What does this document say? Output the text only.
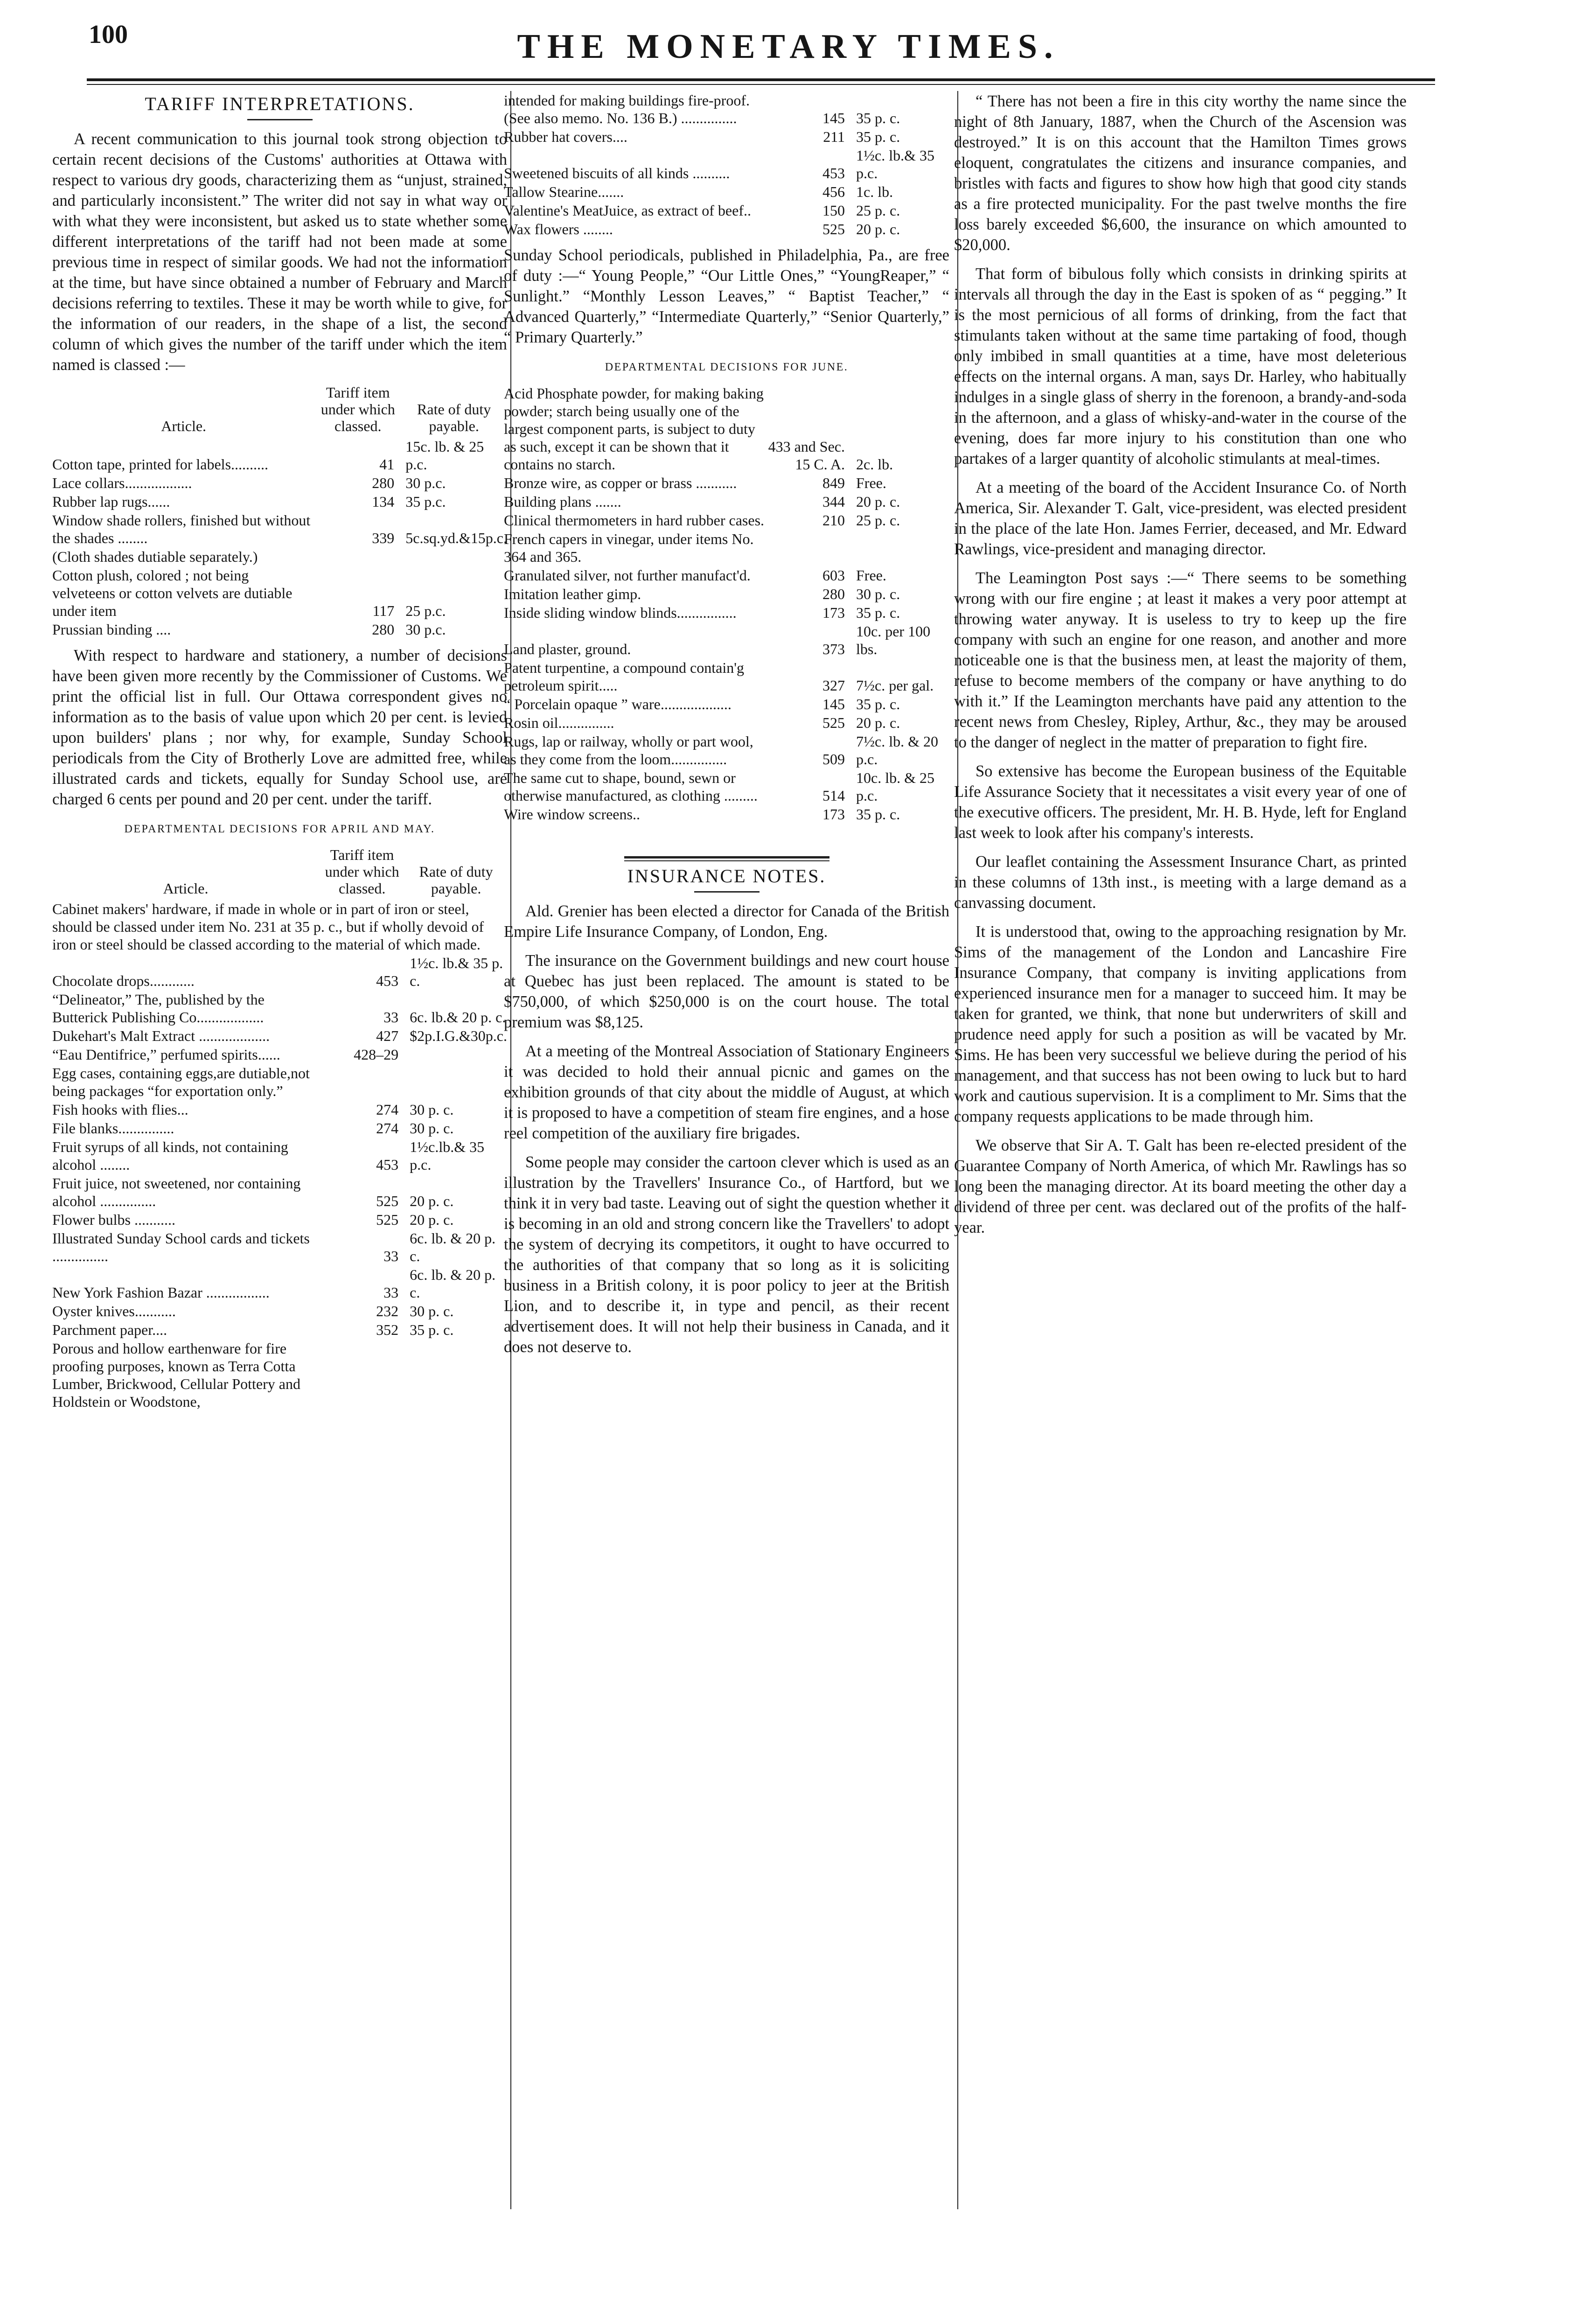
100	THE MONETARY TIMES.
TARIFF INTERPRETATIONS.

A recent communication to this journal took strong objection to certain recent decisions of the Customs' authorities at Ottawa with respect to various dry goods, characterizing them as “unjust, strained, and particularly inconsistent.” The writer did not say in what way or with what they were inconsistent, but asked us to state whether some different interpretations of the tariff had not been made at some previous time in respect of similar goods. We had not the information at the time, but have since obtained a number of February and March decisions referring to textiles. These it may be worth while to give, for the information of our readers, in the shape of a list, the second column of which gives the number of the tariff under which the item named is classed :—

Article.	Tariff item under which classed.	Rate of duty payable.
Cotton tape, printed for labels..........	41	15c. lb. & 25 p.c.
Lace collars..................	280	30 p.c.
Rubber lap rugs......	134	35 p.c.
Window shade rollers, finished but without the shades ........	339	5c.sq.yd.&15p.c.
(Cloth shades dutiable separately.)		
Cotton plush, colored ; not being velveteens or cotton velvets are dutiable under item	117	25 p.c.
Prussian binding ....	280	30 p.c.

With respect to hardware and stationery, a number of decisions have been given more recently by the Commissioner of Customs. We print the official list in full. Our Ottawa correspondent gives no information as to the basis of value upon which 20 per cent. is levied upon builders' plans ; nor why, for example, Sunday School periodicals from the City of Brotherly Love are admitted free, while illustrated cards and tickets, equally for Sunday School use, are charged 6 cents per pound and 20 per cent. under the tariff.

DEPARTMENTAL DECISIONS FOR APRIL AND MAY.
Article.	Tariff item under which classed.	Rate of duty payable.
Cabinet makers' hardware, if made in whole or in part of iron or steel, should be classed under item No. 231 at 35 p. c., but if wholly devoid of iron or steel should be classed according to the material of which made.		
Chocolate drops............	453	1½c. lb.& 35 p. c.
“Delineator,” The, published by the Butterick Publishing Co..................	33	6c. lb.& 20 p. c.
Dukehart's Malt Extract ...................	427	$2p.I.G.&30p.c.
“Eau Dentifrice,” perfumed spirits......	428–29	
Egg cases, containing eggs,are dutiable,not being packages “for exportation only.”		
Fish hooks with flies...	274	30 p. c.
File blanks...............	274	30 p. c.
Fruit syrups of all kinds, not containing alcohol ........	453	1½c.lb.& 35 p.c.
Fruit juice, not sweetened, nor containing alcohol ...............	525	20 p. c.
Flower bulbs ...........	525	20 p. c.
Illustrated Sunday School cards and tickets ...............	33	6c. lb. & 20 p. c.
New York Fashion Bazar .................	33	6c. lb. & 20 p. c.
Oyster knives...........	232	30 p. c.
Parchment paper....	352	35 p. c.
Porous and hollow earthenware for fire proofing purposes, known as Terra Cotta Lumber, Brickwood, Cellular Pottery and Holdstein or Woodstone,		
intended for making buildings fire-proof. (See also memo. No. 136 B.) ...............	145	35 p. c.
Rubber hat covers....	211	35 p. c.
Sweetened biscuits of all kinds ..........	453	1½c. lb.& 35 p.c.
Tallow Stearine.......	456	1c. lb.
Valentine's MeatJuice, as extract of beef..	150	25 p. c.
Wax flowers ........	525	20 p. c.

Sunday School periodicals, published in Philadelphia, Pa., are free of duty :—“ Young People,” “Our Little Ones,” “YoungReaper,” “ Sunlight.” “Monthly Lesson Leaves,” “ Baptist Teacher,” “ Advanced Quarterly,” “Intermediate Quarterly,” “Senior Quarterly,” “ Primary Quarterly.”

DEPARTMENTAL DECISIONS FOR JUNE.
Acid Phosphate powder, for making baking powder; starch being usually one of the largest component parts, is subject to duty as such, except it can be shown that it contains no starch.	433 and Sec. 15 C. A.	2c. lb.
Bronze wire, as copper or brass ...........	849	Free.
Building plans .......	344	20 p. c.
Clinical thermometers in hard rubber cases.	210	25 p. c.
French capers in vinegar, under items No. 364 and 365.		
Granulated silver, not further manufact'd.	603	Free.
Imitation leather gimp.	280	30 p. c.
Inside sliding window blinds................	173	35 p. c.
Land plaster, ground.	373	10c. per 100 lbs.
Patent turpentine, a compound contain'g petroleum spirit.....	327	7½c. per gal.
“ Porcelain opaque ” ware...................	145	35 p. c.
Rosin oil...............	525	20 p. c.
Rugs, lap or railway, wholly or part wool, as they come from the loom...............	509	7½c. lb. & 20 p.c.
The same cut to shape, bound, sewn or otherwise manufactured, as clothing .........	514	10c. lb. & 25 p.c.
Wire window screens..	173	35 p. c.
INSURANCE NOTES.

Ald. Grenier has been elected a director for Canada of the British Empire Life Insurance Company, of London, Eng.

The insurance on the Government buildings and new court house at Quebec has just been replaced. The amount is stated to be $750,000, of which $250,000 is on the court house. The total premium was $8,125.

At a meeting of the Montreal Association of Stationary Engineers it was decided to hold their annual picnic and games on the exhibition grounds of that city about the middle of August, at which it is proposed to have a competition of steam fire engines, and a hose reel competition of the auxiliary fire brigades.

Some people may consider the cartoon clever which is used as an illustration by the Travellers' Insurance Co., of Hartford, but we think it in very bad taste. Leaving out of sight the question whether it is becoming in an old and strong concern like the Travellers' to adopt the system of decrying its competitors, it ought to have occurred to the authorities of that company that so long as it is soliciting business in a British colony, it is poor policy to jeer at the British Lion, and to describe it, in type and pencil, as their recent advertisement does. It will not help their business in Canada, and it does not deserve to.

“ There has not been a fire in this city worthy the name since the night of 8th January, 1887, when the Church of the Ascension was destroyed.” It is on this account that the Hamilton Times grows eloquent, congratulates the citizens and insurance companies, and bristles with facts and figures to show how high that good city stands as a fire protected municipality. For the past twelve months the fire loss barely exceeded $6,600, the insurance on which amounted to $20,000.

That form of bibulous folly which consists in drinking spirits at intervals all through the day in the East is spoken of as “ pegging.” It is the most pernicious of all forms of drinking, from the fact that stimulants taken without at the same time partaking of food, though only imbibed in small quantities at a time, have most deleterious effects on the internal organs. A man, says Dr. Harley, who habitually indulges in a single glass of sherry in the forenoon, a brandy-and-soda in the afternoon, and a glass of whisky-and-water in the course of the evening, does far more injury to his constitution than one who partakes of a larger quantity of alcoholic stimulants at meal-times.

At a meeting of the board of the Accident Insurance Co. of North America, Sir. Alexander T. Galt, vice-president, was elected president in the place of the late Hon. James Ferrier, deceased, and Mr. Edward Rawlings, vice-president and managing director.

The Leamington Post says :—“ There seems to be something wrong with our fire engine ; at least it makes a very poor attempt at throwing water anyway. It is useless to try to keep up the fire company with such an engine for one reason, and another and more noticeable one is that the business men, at least the majority of them, refuse to become members of the company or have anything to do with it.” If the Leamington merchants have paid any attention to the recent news from Chesley, Ripley, Arthur, &c., they may be aroused to the danger of neglect in the matter of preparation to fight fire.

So extensive has become the European business of the Equitable Life Assurance Society that it necessitates a visit every year of one of the executive officers. The president, Mr. H. B. Hyde, left for England last week to look after his company's interests.

Our leaflet containing the Assessment Insurance Chart, as printed in these columns of 13th inst., is meeting with a large demand as a canvassing document.

It is understood that, owing to the approaching resignation by Mr. Sims of the management of the London and Lancashire Fire Insurance Company, that company is inviting applications from experienced insurance men for a manager to succeed him. It may be taken for granted, we think, that none but underwriters of skill and prudence need apply for such a position as will be vacated by Mr. Sims. He has been very successful we believe during the period of his management, and that success has not been owing to luck but to hard work and cautious supervision. It is a compliment to Mr. Sims that the company requests applications to be made through him.

We observe that Sir A. T. Galt has been re-elected president of the Guarantee Company of North America, of which Mr. Rawlings has so long been the managing director. At its board meeting the other day a dividend of three per cent. was declared out of the profits of the half-year.
